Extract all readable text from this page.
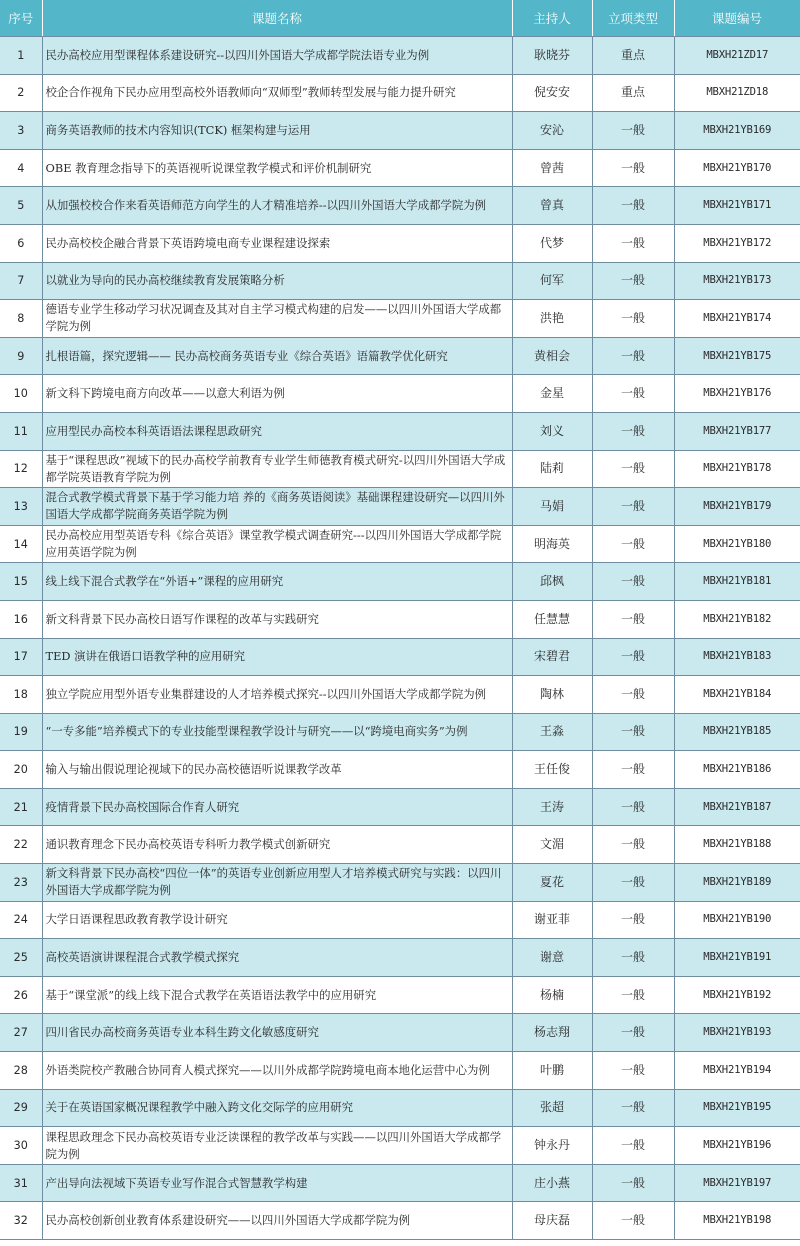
序号	课题名称	主持人	立项类型	课题编号
1	民办高校应用型课程体系建设研究--以四川外国语大学成都学院法语专业为例	耿晓芬	重点	MBXH21ZD17
2	校企合作视角下民办应用型高校外语教师向“双师型”教师转型发展与能力提升研究	倪安安	重点	MBXH21ZD18
3	商务英语教师的技术内容知识(TCK) 框架构建与运用	安沁	一般	MBXH21YB169
4	OBE 教育理念指导下的英语视听说课堂教学模式和评价机制研究	曾茜	一般	MBXH21YB170
5	从加强校校合作来看英语师范方向学生的人才精准培养--以四川外国语大学成都学院为例	曾真	一般	MBXH21YB171
6	民办高校校企融合背景下英语跨境电商专业课程建设探索	代梦	一般	MBXH21YB172
7	以就业为导向的民办高校继续教育发展策略分析	何军	一般	MBXH21YB173
8	德语专业学生移动学习状况调查及其对自主学习模式构建的启发——以四川外国语大学成都学院为例	洪艳	一般	MBXH21YB174
9	扎根语篇，探究逻辑—— 民办高校商务英语专业《综合英语》语篇教学优化研究	黄相会	一般	MBXH21YB175
10	新文科下跨境电商方向改革——以意大利语为例	金星	一般	MBXH21YB176
11	应用型民办高校本科英语语法课程思政研究	刘义	一般	MBXH21YB177
12	基于“课程思政”视域下的民办高校学前教育专业学生师德教育模式研究-以四川外国语大学成都学院英语教育学院为例	陆莉	一般	MBXH21YB178
13	混合式教学模式背景下基于学习能力培 养的《商务英语阅读》基础课程建设研究—以四川外国语大学成都学院商务英语学院为例	马娟	一般	MBXH21YB179
14	民办高校应用型英语专科《综合英语》课堂教学模式调查研究---以四川外国语大学成都学院应用英语学院为例	明海英	一般	MBXH21YB180
15	线上线下混合式教学在“外语+”课程的应用研究	邱枫	一般	MBXH21YB181
16	新文科背景下民办高校日语写作课程的改革与实践研究	任慧慧	一般	MBXH21YB182
17	TED 演讲在俄语口语教学种的应用研究	宋碧君	一般	MBXH21YB183
18	独立学院应用型外语专业集群建设的人才培养模式探究--以四川外国语大学成都学院为例	陶林	一般	MBXH21YB184
19	“一专多能”培养模式下的专业技能型课程教学设计与研究——以“跨境电商实务”为例	王淼	一般	MBXH21YB185
20	输入与输出假说理论视域下的民办高校德语听说课教学改革	王任俊	一般	MBXH21YB186
21	疫情背景下民办高校国际合作育人研究	王涛	一般	MBXH21YB187
22	通识教育理念下民办高校英语专科听力教学模式创新研究	文湄	一般	MBXH21YB188
23	新文科背景下民办高校“四位一体”的英语专业创新应用型人才培养模式研究与实践：以四川外国语大学成都学院为例	夏花	一般	MBXH21YB189
24	大学日语课程思政教育教学设计研究	谢亚菲	一般	MBXH21YB190
25	高校英语演讲课程混合式教学模式探究	谢意	一般	MBXH21YB191
26	基于“课堂派”的线上线下混合式教学在英语语法教学中的应用研究	杨楠	一般	MBXH21YB192
27	四川省民办高校商务英语专业本科生跨文化敏感度研究	杨志翔	一般	MBXH21YB193
28	外语类院校产教融合协同育人模式探究——以川外成都学院跨境电商本地化运营中心为例	叶鹏	一般	MBXH21YB194
29	关于在英语国家概况课程教学中融入跨文化交际学的应用研究	张超	一般	MBXH21YB195
30	课程思政理念下民办高校英语专业泛读课程的教学改革与实践——以四川外国语大学成都学院为例	钟永丹	一般	MBXH21YB196
31	产出导向法视域下英语专业写作混合式智慧教学构建	庄小燕	一般	MBXH21YB197
32	民办高校创新创业教育体系建设研究——以四川外国语大学成都学院为例	母庆磊	一般	MBXH21YB198
